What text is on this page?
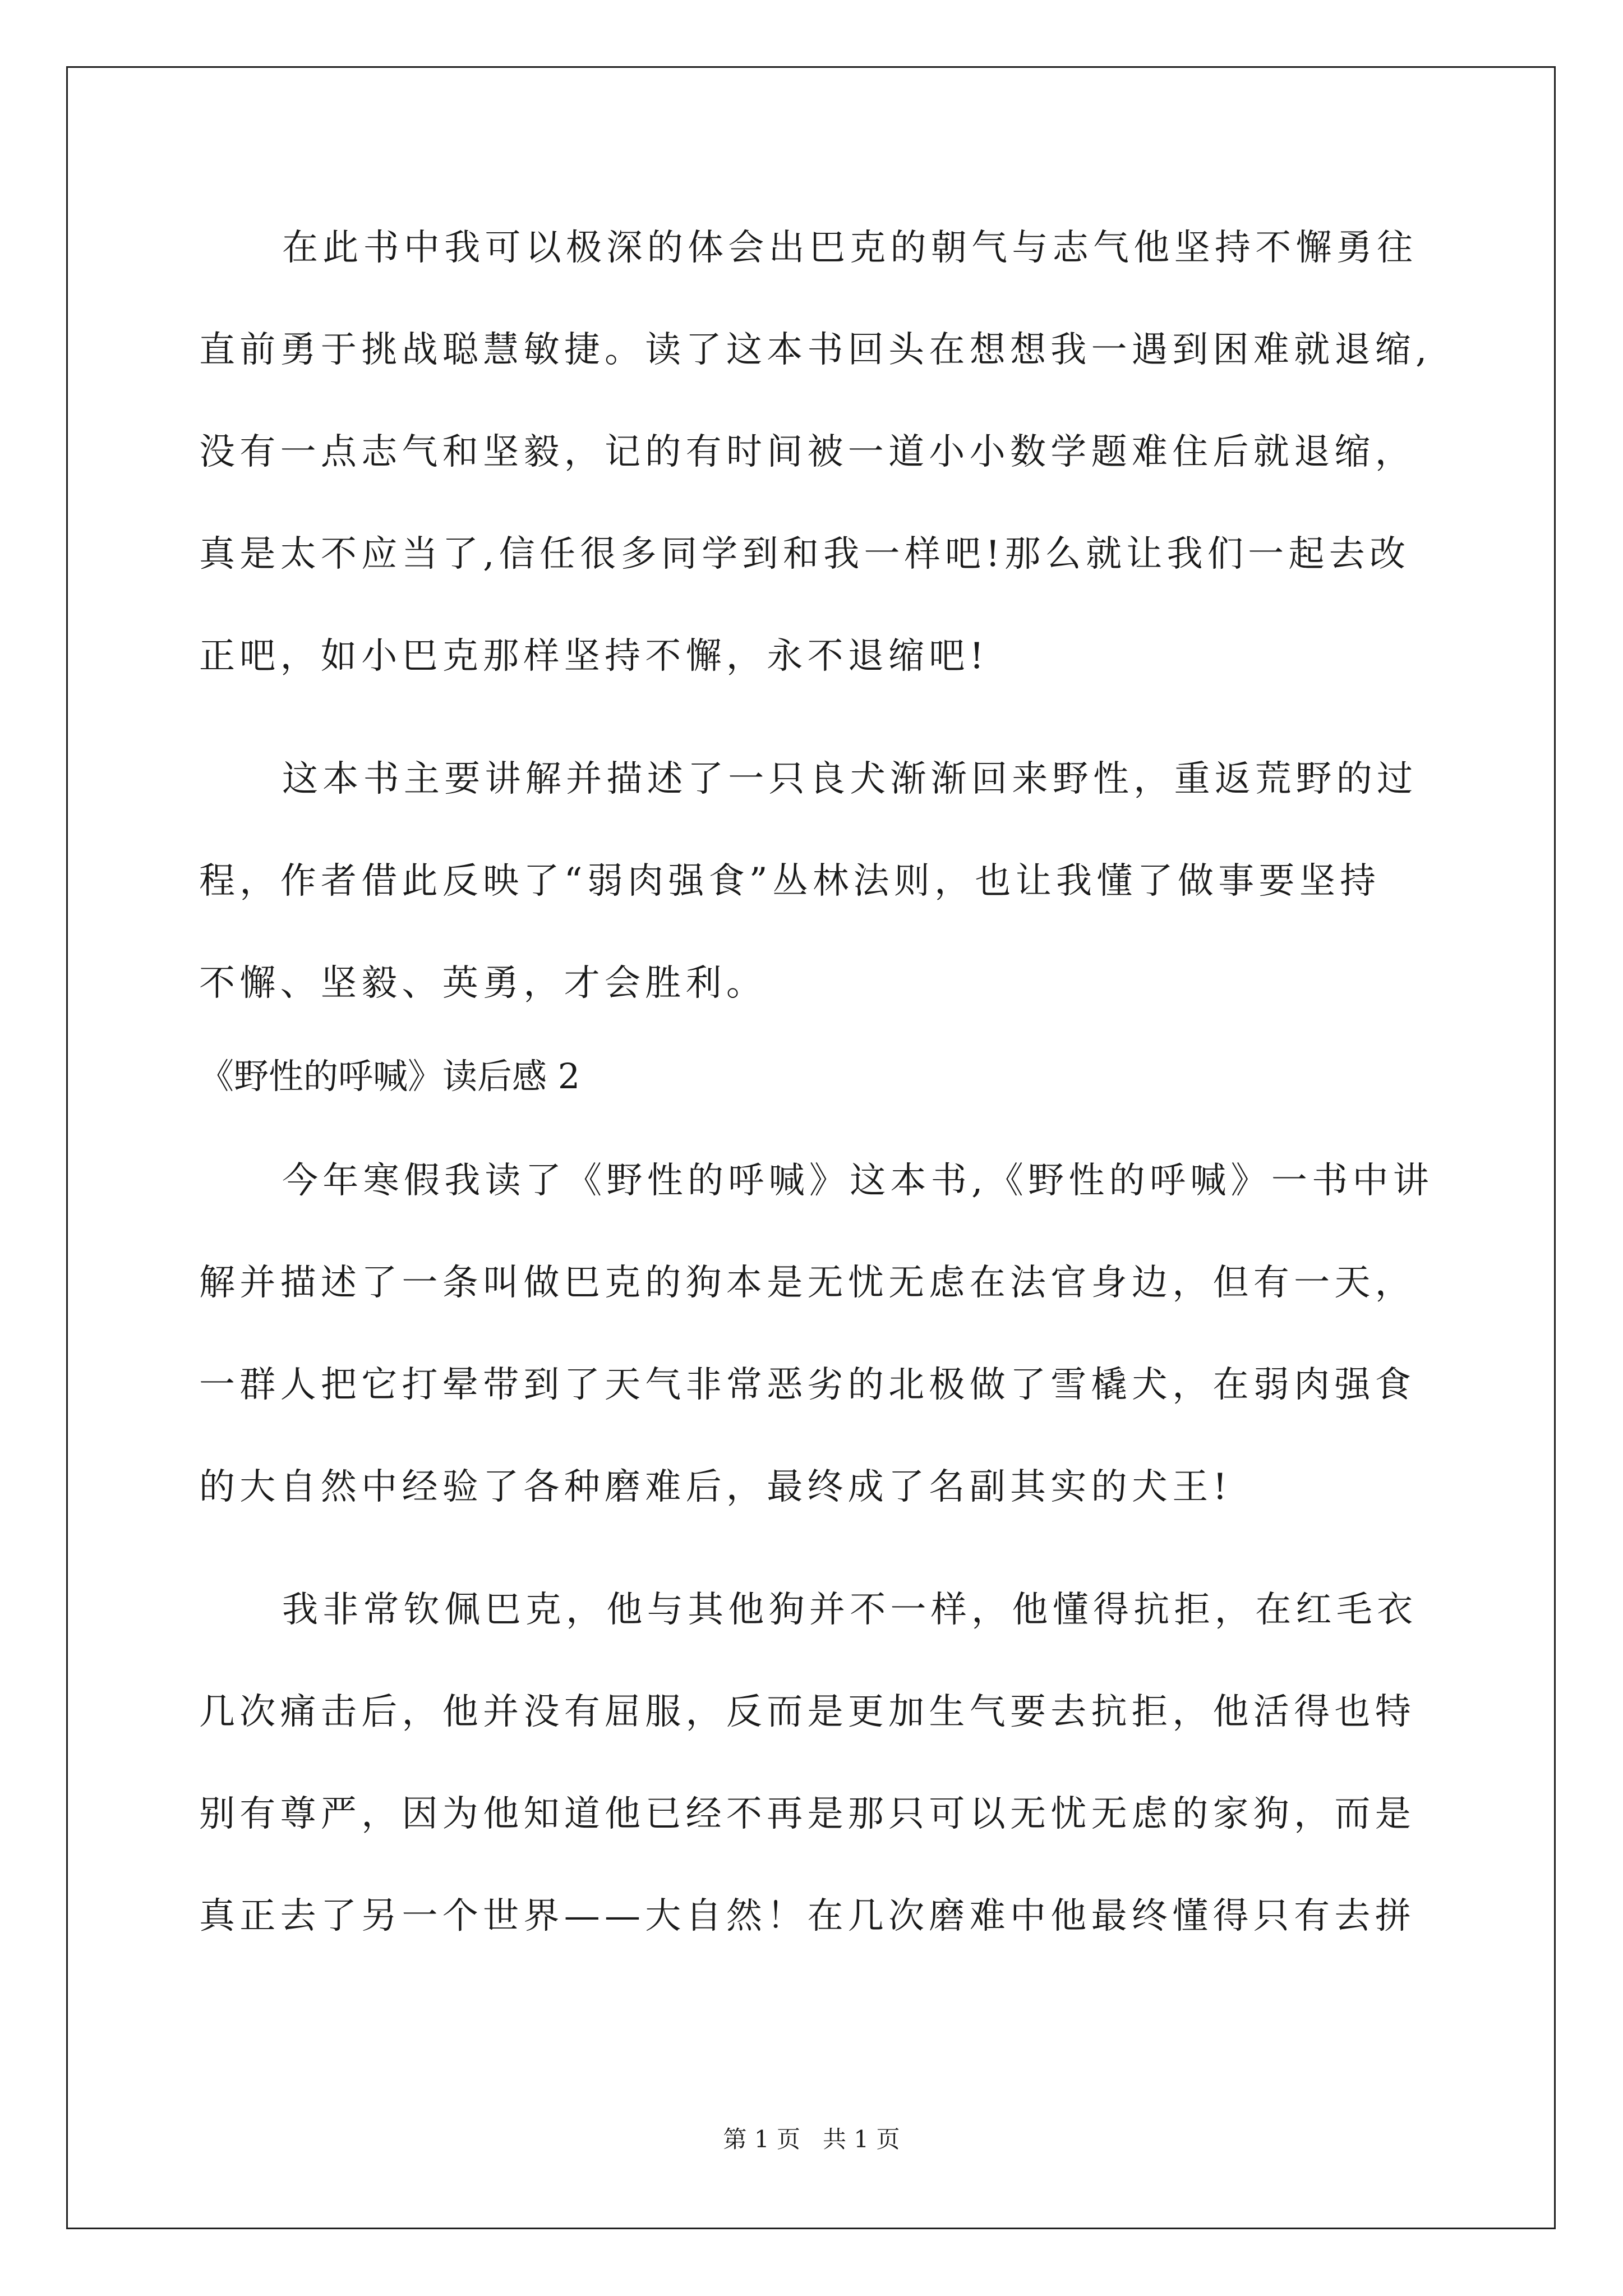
在此书中我可以极深的体会出巴克的朝气与志气他坚持不懈勇往
直前勇于挑战聪慧敏捷。读了这本书回头在想想我一遇到困难就退缩,
没有一点志气和坚毅，记的有时间被一道小小数学题难住后就退缩，
真是太不应当了,信任很多同学到和我一样吧!那么就让我们一起去改
正吧，如小巴克那样坚持不懈，永不退缩吧!
这本书主要讲解并描述了一只良犬渐渐回来野性，重返荒野的过
程，作者借此反映了“弱肉强食”丛林法则，也让我懂了做事要坚持
不懈、坚毅、英勇，才会胜利。
《野性的呼喊》读后感 2
今年寒假我读了《野性的呼喊》这本书,《野性的呼喊》一书中讲
解并描述了一条叫做巴克的狗本是无忧无虑在法官身边，但有一天，
一群人把它打晕带到了天气非常恶劣的北极做了雪橇犬，在弱肉强食
的大自然中经验了各种磨难后，最终成了名副其实的犬王!
我非常钦佩巴克，他与其他狗并不一样，他懂得抗拒，在红毛衣
几次痛击后，他并没有屈服，反而是更加生气要去抗拒，他活得也特
别有尊严，因为他知道他已经不再是那只可以无忧无虑的家狗，而是
真正去了另一个世界——大自然！在几次磨难中他最终懂得只有去拼
第 1 页   共 1 页
